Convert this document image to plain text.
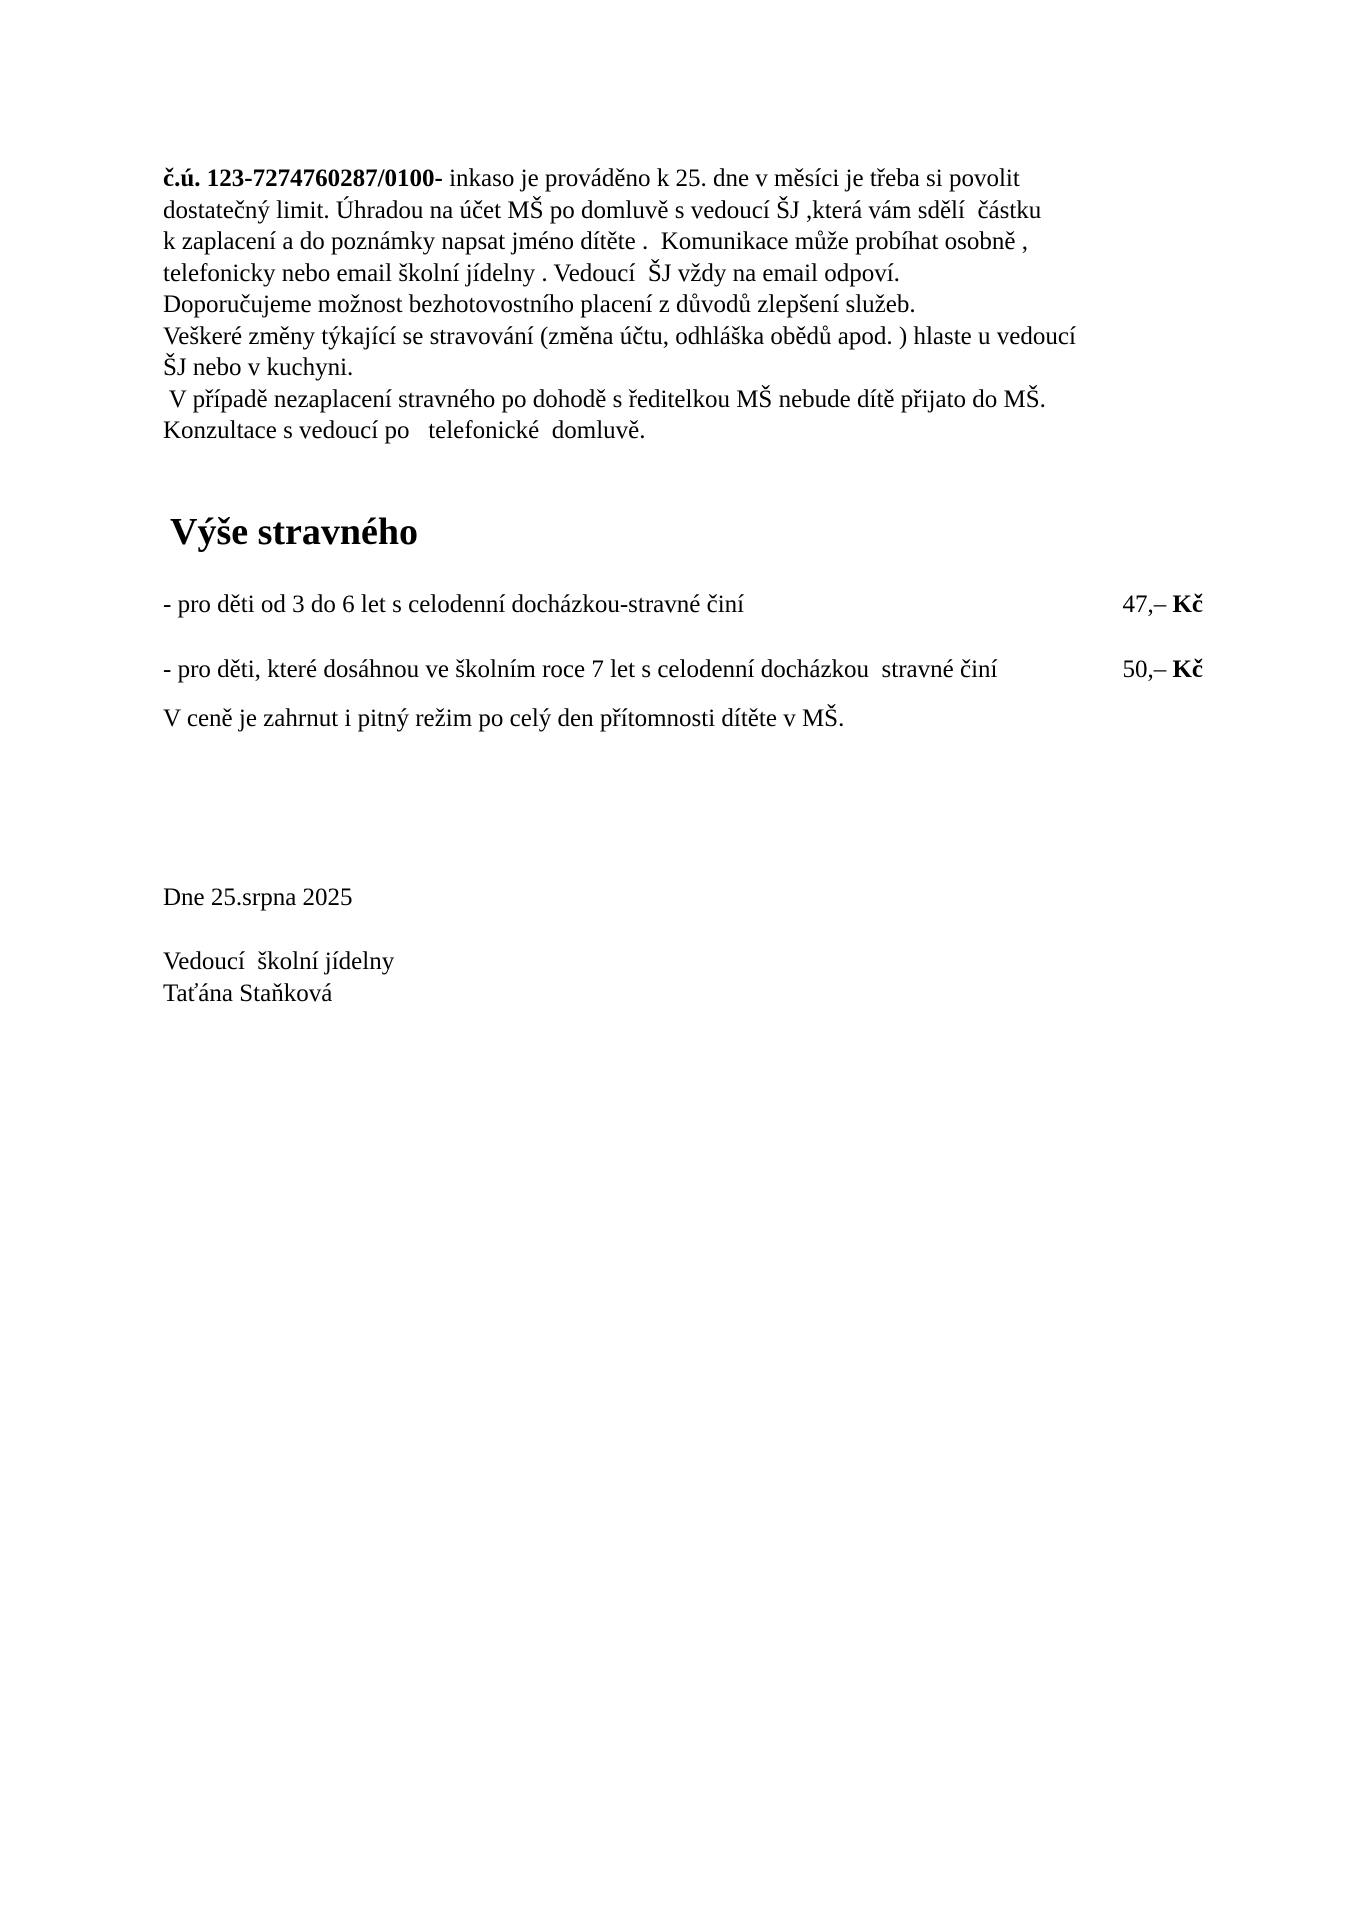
č.ú. 123-7274760287/0100- inkaso je prováděno k 25. dne v měsíci je třeba si povolit
dostatečný limit. Úhradou na účet MŠ po domluvě s vedoucí ŠJ ,která vám sdělí  částku
k zaplacení a do poznámky napsat jméno dítěte .  Komunikace může probíhat osobně ,
telefonicky nebo email školní jídelny . Vedoucí  ŠJ vždy na email odpoví.
Doporučujeme možnost bezhotovostního placení z důvodů zlepšení služeb.
Veškeré změny týkající se stravování (změna účtu, odhláška obědů apod. ) hlaste u vedoucí
ŠJ nebo v kuchyni.
V případě nezaplacení stravného po dohodě s ředitelkou MŠ nebude dítě přijato do MŠ.
Konzultace s vedoucí po   telefonické  domluvě.
Výše stravného
- pro děti od 3 do 6 let s celodenní docházkou-stravné činí	47,– Kč
- pro děti, které dosáhnou ve školním roce 7 let s celodenní docházkou  stravné činí	50,– Kč
V ceně je zahrnut i pitný režim po celý den přítomnosti dítěte v MŠ.
Dne 25.srpna 2025
Vedoucí  školní jídelny
Taťána Staňková
